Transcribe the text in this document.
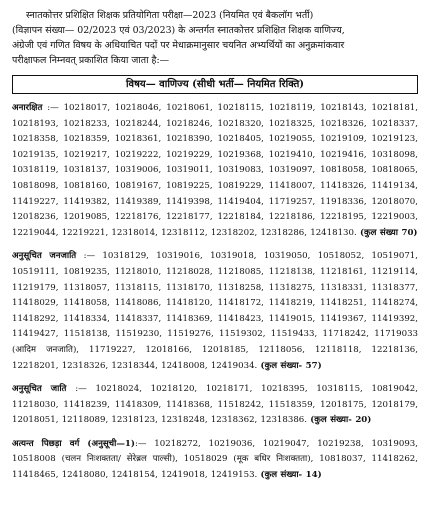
स्नातकोत्तर प्रशिक्षित शिक्षक प्रतियोगिता परीक्षा—2023 (नियमित एवं बैकलॉग भर्ती)

(विज्ञापन संख्या— 02/2023 एवं 03/2023) के अन्तर्गत स्नातकोत्तर प्रशिक्षित शिक्षक वाणिज्य,

अंग्रेजी एवं गणित विषय के अधियाचित पदों पर मेधाक्रमानुसार चयनित अभ्यर्थियों का अनुक्रमांकवार

परीक्षाफल निम्नवत् प्रकाशित किया जाता है:—

विषय— वाणिज्य (सीधी भर्ती— नियमित रिक्ति)

अनारक्षित :— 10218017, 10218046, 10218061, 10218115, 10218119, 10218143, 10218181, 10218193, 10218233, 10218244, 10218246, 10218320, 10218325, 10218326, 10218337, 10218358, 10218359, 10218361, 10218390, 10218405, 10219055, 10219109, 10219123, 10219135, 10219217, 10219222, 10219229, 10219368, 10219410, 10219416, 10318098, 10318119, 10318137, 10319006, 10319011, 10319083, 10319097, 10818058, 10818065, 10818098, 10818160, 10819167, 10819225, 10819229, 11418007, 11418326, 11419134, 11419227, 11419382, 11419389, 11419398, 11419404, 11719257, 11918336, 12018070, 12018236, 12019085, 12218176, 12218177, 12218184, 12218186, 12218195, 12219003, 12219044, 12219221, 12318014, 12318112, 12318202, 12318286, 12418130. (कुल संख्या 70)

अनुसूचित जनजाति :— 10318129, 10319016, 10319018, 10319050, 10518052, 10519071, 10519111, 10819235, 11218010, 11218028, 11218085, 11218138, 11218161, 11219114, 11219179, 11318057, 11318115, 11318170, 11318258, 11318275, 11318331, 11318377, 11418029, 11418058, 11418086, 11418120, 11418172, 11418219, 11418251, 11418274, 11418292, 11418334, 11418337, 11418369, 11418423, 11419015, 11419367, 11419392, 11419427, 11518138, 11519230, 11519276, 11519302, 11519433, 11718242, 11719033 (आदिम जनजाति), 11719227, 12018166, 12018185, 12118056, 12118118, 12218136, 12218201, 12318326, 12318344, 12418008, 12419034. (कुल संख्या- 57)

अनुसूचित जाति :— 10218024, 10218120, 10218171, 10218395, 10318115, 10819042, 11218030, 11418239, 11418309, 11418368, 11518242, 11518359, 12018175, 12018179, 12018051, 12118089, 12318123, 12318248, 12318362, 12318386. (कुल संख्या- 20)

अत्यन्त पिछड़ा वर्ग (अनुसूची—1):— 10218272, 10219036, 10219047, 10219238, 10319093, 10518008 (चलन निःशक्तता/ सेरेब्रल पाल्सी), 10518029 (मूक बधिर निःशक्तता), 10818037, 11418262, 11418465, 12418080, 12418154, 12419018, 12419153. (कुल संख्या- 14)
